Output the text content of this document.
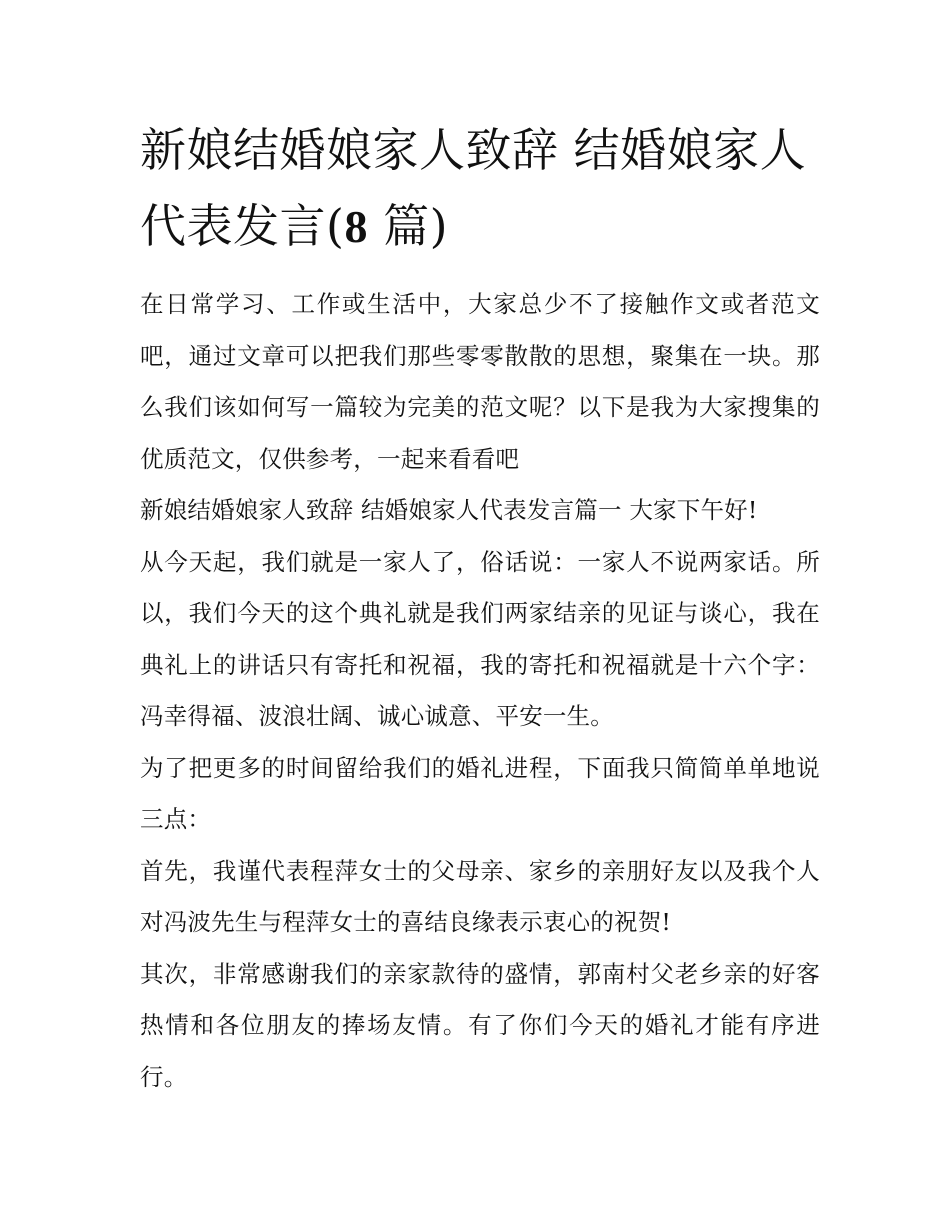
新娘结婚娘家人致辞 结婚娘家人代表发言(8 篇)

在日常学习、工作或生活中，大家总少不了接触作文或者范文吧，通过文章可以把我们那些零零散散的思想，聚集在一块。那么我们该如何写一篇较为完美的范文呢？以下是我为大家搜集的优质范文，仅供参考，一起来看看吧

新娘结婚娘家人致辞 结婚娘家人代表发言篇一 大家下午好!

从今天起，我们就是一家人了，俗话说：一家人不说两家话。所以，我们今天的这个典礼就是我们两家结亲的见证与谈心，我在典礼上的讲话只有寄托和祝福，我的寄托和祝福就是十六个字：冯幸得福、波浪壮阔、诚心诚意、平安一生。

为了把更多的时间留给我们的婚礼进程，下面我只简简单单地说三点：

首先，我谨代表程萍女士的父母亲、家乡的亲朋好友以及我个人对冯波先生与程萍女士的喜结良缘表示衷心的祝贺!

其次，非常感谢我们的亲家款待的盛情，郭南村父老乡亲的好客热情和各位朋友的捧场友情。有了你们今天的婚礼才能有序进行。
